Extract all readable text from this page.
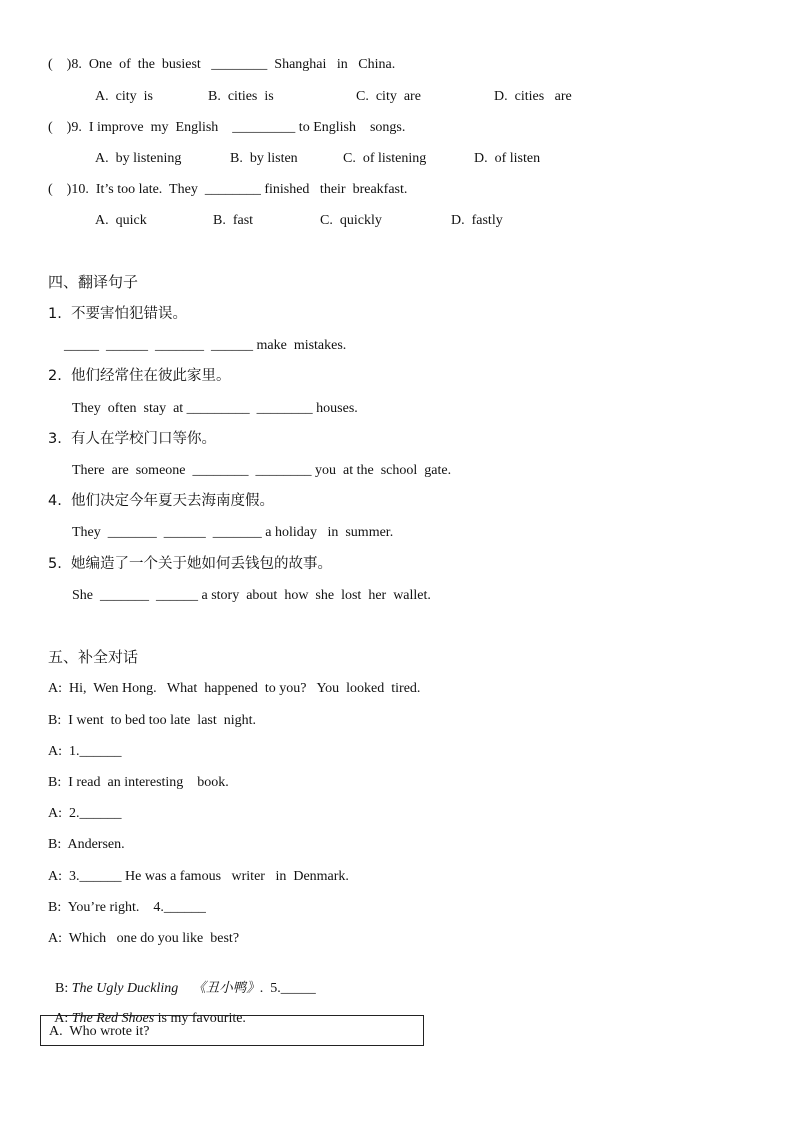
(    )8.  One  of  the  busiest   ________  Shanghai   in   China.
A.  city  is	B.  cities  is	C.  city  are	D.  cities   are
(    )9.  I improve  my  English    _________ to English    songs.
A.  by listening	B.  by listen	C.  of listening	D.  of listen
(    )10.  It’s too late.  They  ________ finished   their  breakfast.
A.  quick	B.  fast	C.  quickly	D.  fastly
四、翻译句子
1.  不要害怕犯错误。
_____  ______  _______  ______ make  mistakes.
2.  他们经常住在彼此家里。
They  often  stay  at _________  ________ houses.
3.  有人在学校门口等你。
There  are  someone  ________  ________ you  at the  school  gate.
4.  他们决定今年夏天去海南度假。
They  _______  ______  _______ a holiday   in  summer.
5.  她编造了一个关于她如何丢钱包的故事。
She  _______  ______ a story  about  how  she  lost  her  wallet.
五、补全对话
A:  Hi,  Wen Hong.   What  happened  to you?   You  looked  tired.
B:  I went  to bed too late  last  night.
A:  1.______
B:  I read  an interesting    book.
A:  2.______
B:  Andersen.
A:  3.______ He was a famous   writer   in  Denmark.
B:  You’re right.    4.______
A:  Which   one do you like  best?

B: The Ugly Duckling 《丑小鸭》.  5._____

A: The Red Shoes is my favourite.

A.  Who wrote it?
